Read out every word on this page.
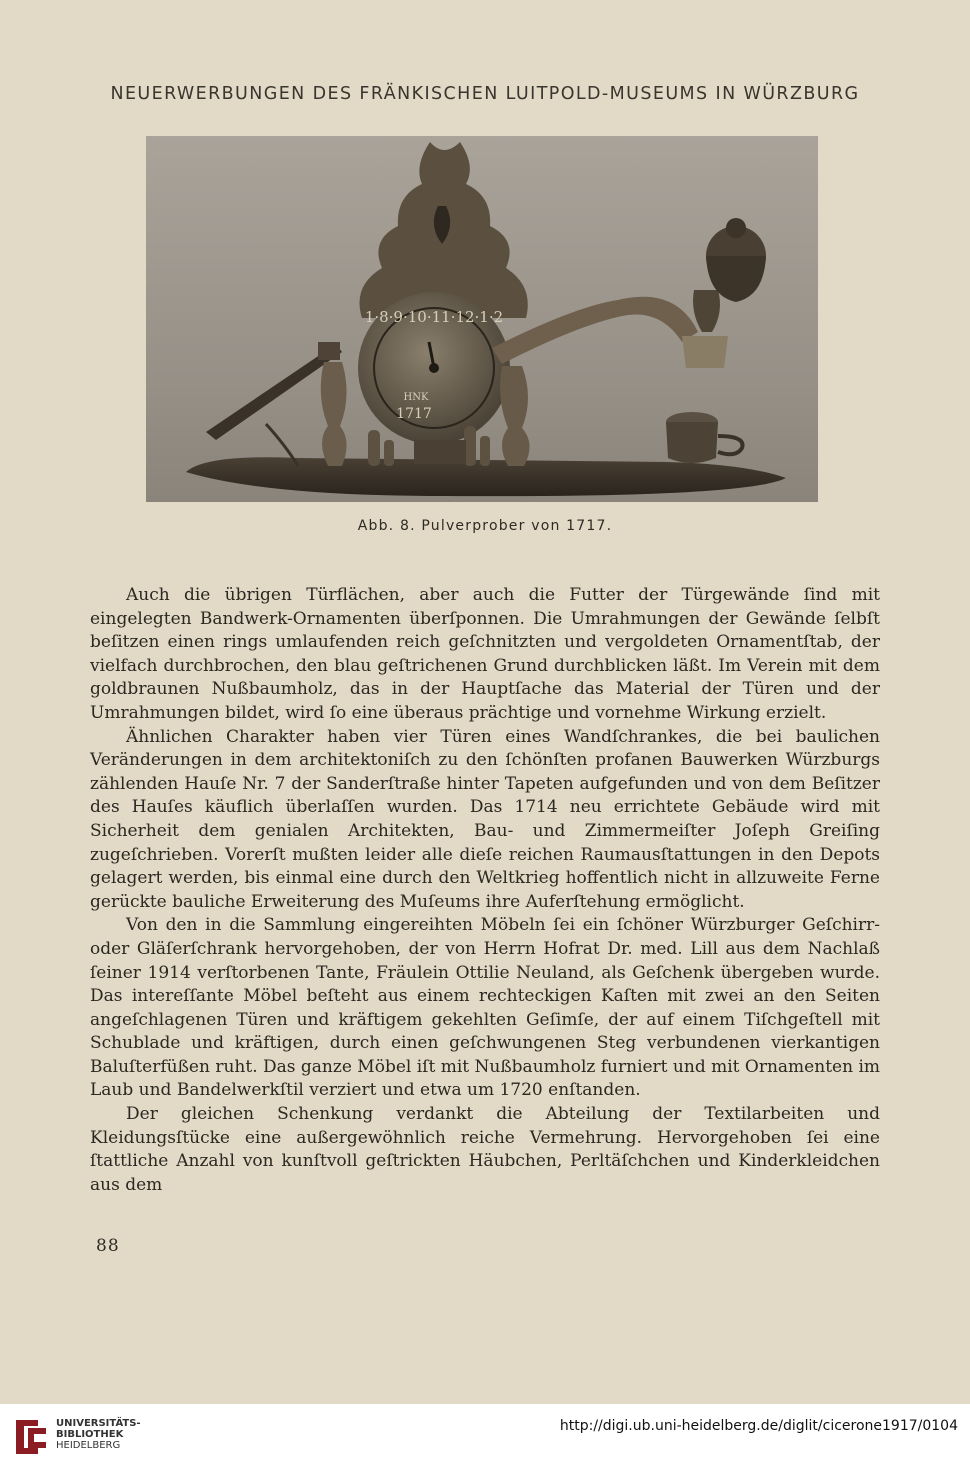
NEUERWERBUNGEN DES FRÄNKISCHEN LUITPOLD-MUSEUMS IN WÜRZBURG
1·8·9·10·11·12·1·2
HNK
1717
Abb. 8. Pulverprober von 1717.

Auch die übrigen Türflächen, aber auch die Futter der Türgewände ſind mit eingelegten Bandwerk-Ornamenten überſponnen. Die Umrahmungen der Gewände ſelbſt beſitzen einen rings umlaufenden reich geſchnitzten und vergoldeten Ornamentſtab, der vielfach durchbrochen, den blau geſtrichenen Grund durchblicken läßt. Im Verein mit dem goldbraunen Nußbaumholz, das in der Hauptſache das Material der Türen und der Umrahmungen bildet, wird ſo eine überaus prächtige und vornehme Wirkung erzielt.

Ähnlichen Charakter haben vier Türen eines Wandſchrankes, die bei baulichen Veränderungen in dem architektoniſch zu den ſchönſten profanen Bauwerken Würzburgs zählenden Hauſe Nr. 7 der Sanderſtraße hinter Tapeten aufgefunden und von dem Beſitzer des Hauſes käuflich überlaſſen wurden. Das 1714 neu errichtete Gebäude wird mit Sicherheit dem genialen Architekten, Bau- und Zimmermeiſter Joſeph Greiſing zugeſchrieben. Vorerſt mußten leider alle dieſe reichen Raumausſtattungen in den Depots gelagert werden, bis einmal eine durch den Weltkrieg hoffentlich nicht in allzuweite Ferne gerückte bauliche Erweiterung des Muſeums ihre Auferſtehung ermöglicht.

Von den in die Sammlung eingereihten Möbeln ſei ein ſchöner Würzburger Geſchirr- oder Gläſerſchrank hervorgehoben, der von Herrn Hofrat Dr. med. Lill aus dem Nachlaß ſeiner 1914 verſtorbenen Tante, Fräulein Ottilie Neuland, als Geſchenk übergeben wurde. Das intereſſante Möbel beſteht aus einem rechteckigen Kaſten mit zwei an den Seiten angeſchlagenen Türen und kräftigem gekehlten Geſimſe, der auf einem Tiſchgeſtell mit Schublade und kräftigen, durch einen geſchwungenen Steg verbundenen vierkantigen Baluſterfüßen ruht. Das ganze Möbel iſt mit Nußbaumholz furniert und mit Ornamenten im Laub und Bandelwerkſtil verziert und etwa um 1720 enſtanden.

Der gleichen Schenkung verdankt die Abteilung der Textilarbeiten und Kleidungsſtücke eine außergewöhnlich reiche Vermehrung. Hervorgehoben ſei eine ſtattliche Anzahl von kunſtvoll geſtrickten Häubchen, Perltäſchchen und Kinderkleidchen aus dem

88
UNIVERSITÄTS-
BIBLIOTHEK
HEIDELBERG
http://digi.ub.uni-heidelberg.de/diglit/cicerone1917/0104
